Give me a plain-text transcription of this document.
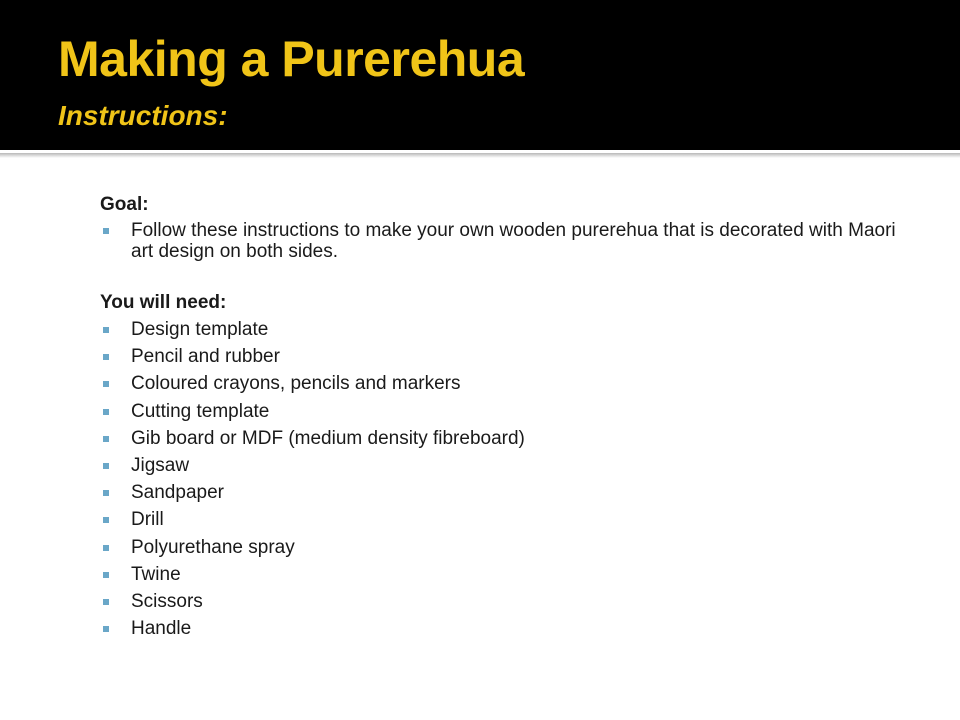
Making a Purerehua
Instructions:

Goal:

Follow these instructions to make your own wooden purerehua that is decorated with Maori art design on both sides.

You will need:

Design template
Pencil and rubber
Coloured crayons, pencils and markers
Cutting template
Gib board or MDF (medium density fibreboard)
Jigsaw
Sandpaper
Drill
Polyurethane spray
Twine
Scissors
Handle
